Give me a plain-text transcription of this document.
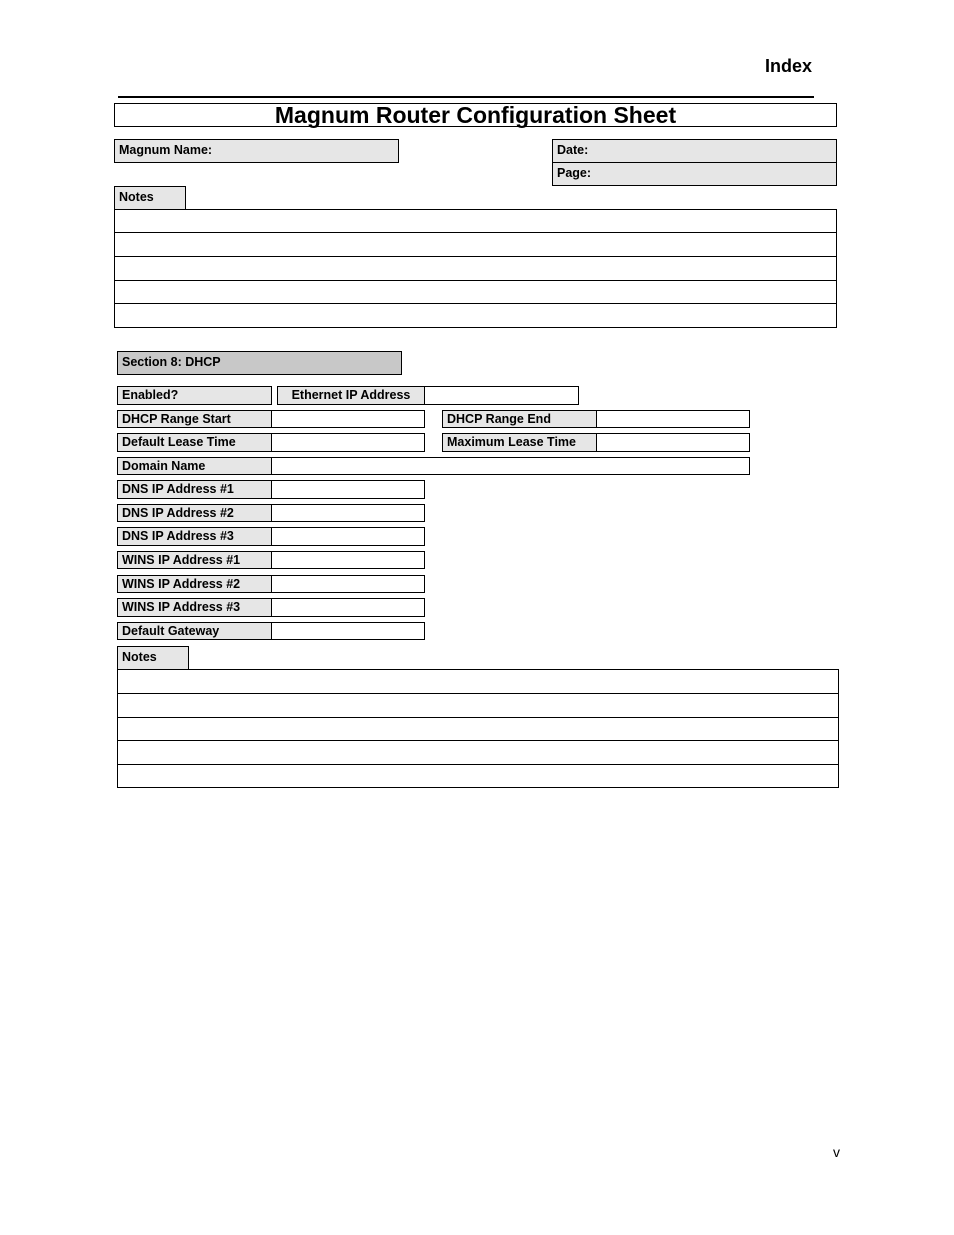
Index
Magnum Router Configuration Sheet
Magnum Name:	Date:
Page:
Notes
Section 8: DHCP
Enabled?	Ethernet IP Address
DHCP Range Start	DHCP Range End
Default Lease Time	Maximum Lease Time
Domain Name
DNS IP Address #1
DNS IP Address #2
DNS IP Address #3
WINS IP Address #1
WINS IP Address #2
WINS IP Address #3
Default Gateway
Notes
v
